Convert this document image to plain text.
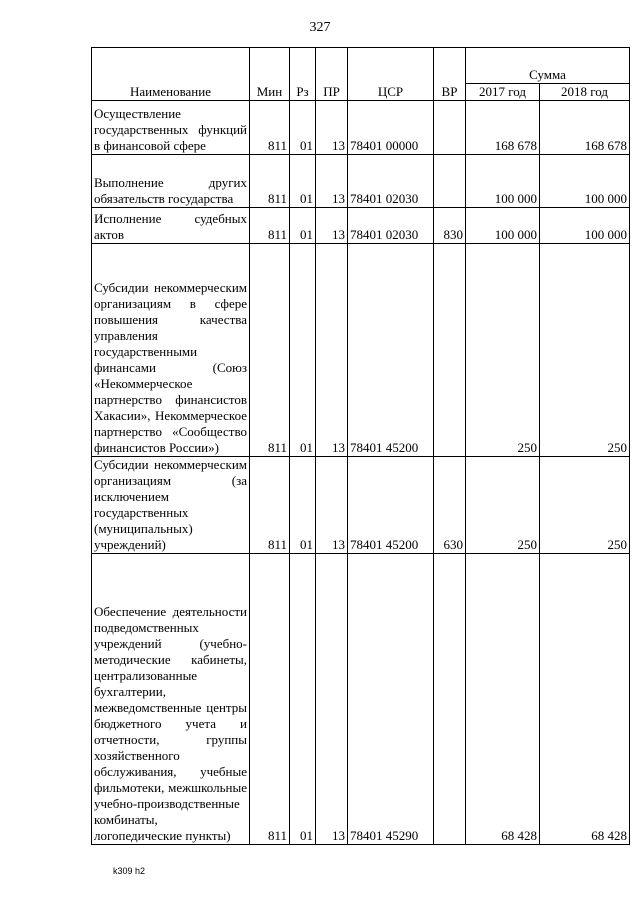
327
Наименование	Мин	Рз	ПР	ЦСР	ВР	Сумма	
						2017 год	2018 год
Осуществление государственных функций в финансовой сфере	811	01	13	78401 00000		168 678	168 678
Выполнение других обязательств государства	811	01	13	78401 02030		100 000	100 000
Исполнение судебных актов	811	01	13	78401 02030	830	100 000	100 000
Субсидии некоммерческим организациям в сфере повышения качества управления государственными финансами (Союз «Некоммерческое партнерство финансистов Хакасии», Некоммерческое партнерство «Сообщество финансистов России»)	811	01	13	78401 45200		250	250
Субсидии некоммерческим организациям (за исключением государственных (муниципальных) учреждений)	811	01	13	78401 45200	630	250	250
Обеспечение деятельности подведомственных учреждений (учебно-методические кабинеты, централизованные бухгалтерии, межведомственные центры бюджетного учета и отчетности, группы хозяйственного обслуживания, учебные фильмотеки, межшкольные учебно-производственные комбинаты, логопедические пункты)	811	01	13	78401 45290		68 428	68 428
k309 h2
